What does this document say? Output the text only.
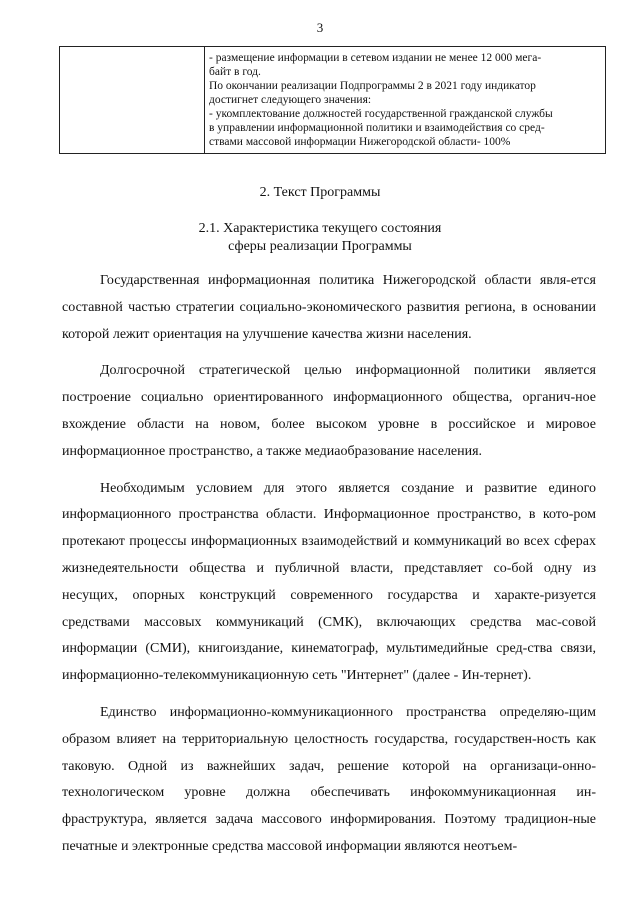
3

- размещение информации в сетевом издании не менее 12 000 мега-
байт в год.
По окончании реализации Подпрограммы 2 в 2021 году индикатор
достигнет следующего значения:
- укомплектование должностей государственной гражданской службы
в управлении информационной политики и взаимодействия со сред-
ствами массовой информации Нижегородской области- 100%
2. Текст Программы
2.1. Характеристика текущего состояния
сферы реализации Программы

Государственная информационная политика Нижегородской области явля-ется составной частью стратегии социально-экономического развития региона, в основании которой лежит ориентация на улучшение качества жизни населения.

Долгосрочной стратегической целью информационной политики является построение социально ориентированного информационного общества, органич-ное вхождение области на новом, более высоком уровне в российское и мировое информационное пространство, а также медиаобразование населения.

Необходимым условием для этого является создание и развитие единого информационного пространства области. Информационное пространство, в кото-ром протекают процессы информационных взаимодействий и коммуникаций во всех сферах жизнедеятельности общества и публичной власти, представляет со-бой одну из несущих, опорных конструкций современного государства и характе-ризуется средствами массовых коммуникаций (СМК), включающих средства мас-совой информации (СМИ), книгоиздание, кинематограф, мультимедийные сред-ства связи, информационно-телекоммуникационную сеть "Интернет" (далее - Ин-тернет).

Единство информационно-коммуникационного пространства определяю-щим образом влияет на территориальную целостность государства, государствен-ность как таковую. Одной из важнейших задач, решение которой на организаци-онно-технологическом уровне должна обеспечивать инфокоммуникационная ин-фраструктура, является задача массового информирования. Поэтому традицион-ные печатные и электронные средства массовой информации являются неотъем-
